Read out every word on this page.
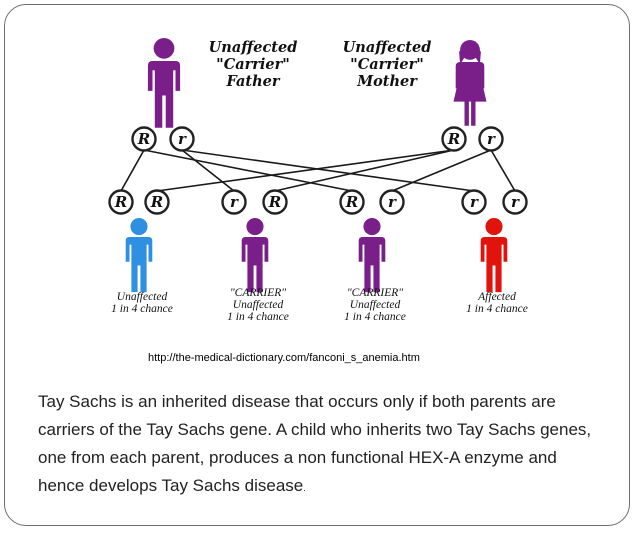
R r	R r
R R	r R	R r	r r
Unaffected
"Carrier"
Father
Unaffected
"Carrier"
Mother
Unaffected
1 in 4 chance
"CARRIER"
Unaffected
1 in 4 chance
"CARRIER"
Unaffected
1 in 4 chance
Affected
1 in 4 chance
http://the-medical-dictionary.com/fanconi_s_anemia.htm
Tay Sachs is an inherited disease that occurs only if both parents are carriers of the Tay Sachs gene. A child who inherits two Tay Sachs genes, one from each parent, produces a non functional HEX-A enzyme and hence develops Tay Sachs disease.
